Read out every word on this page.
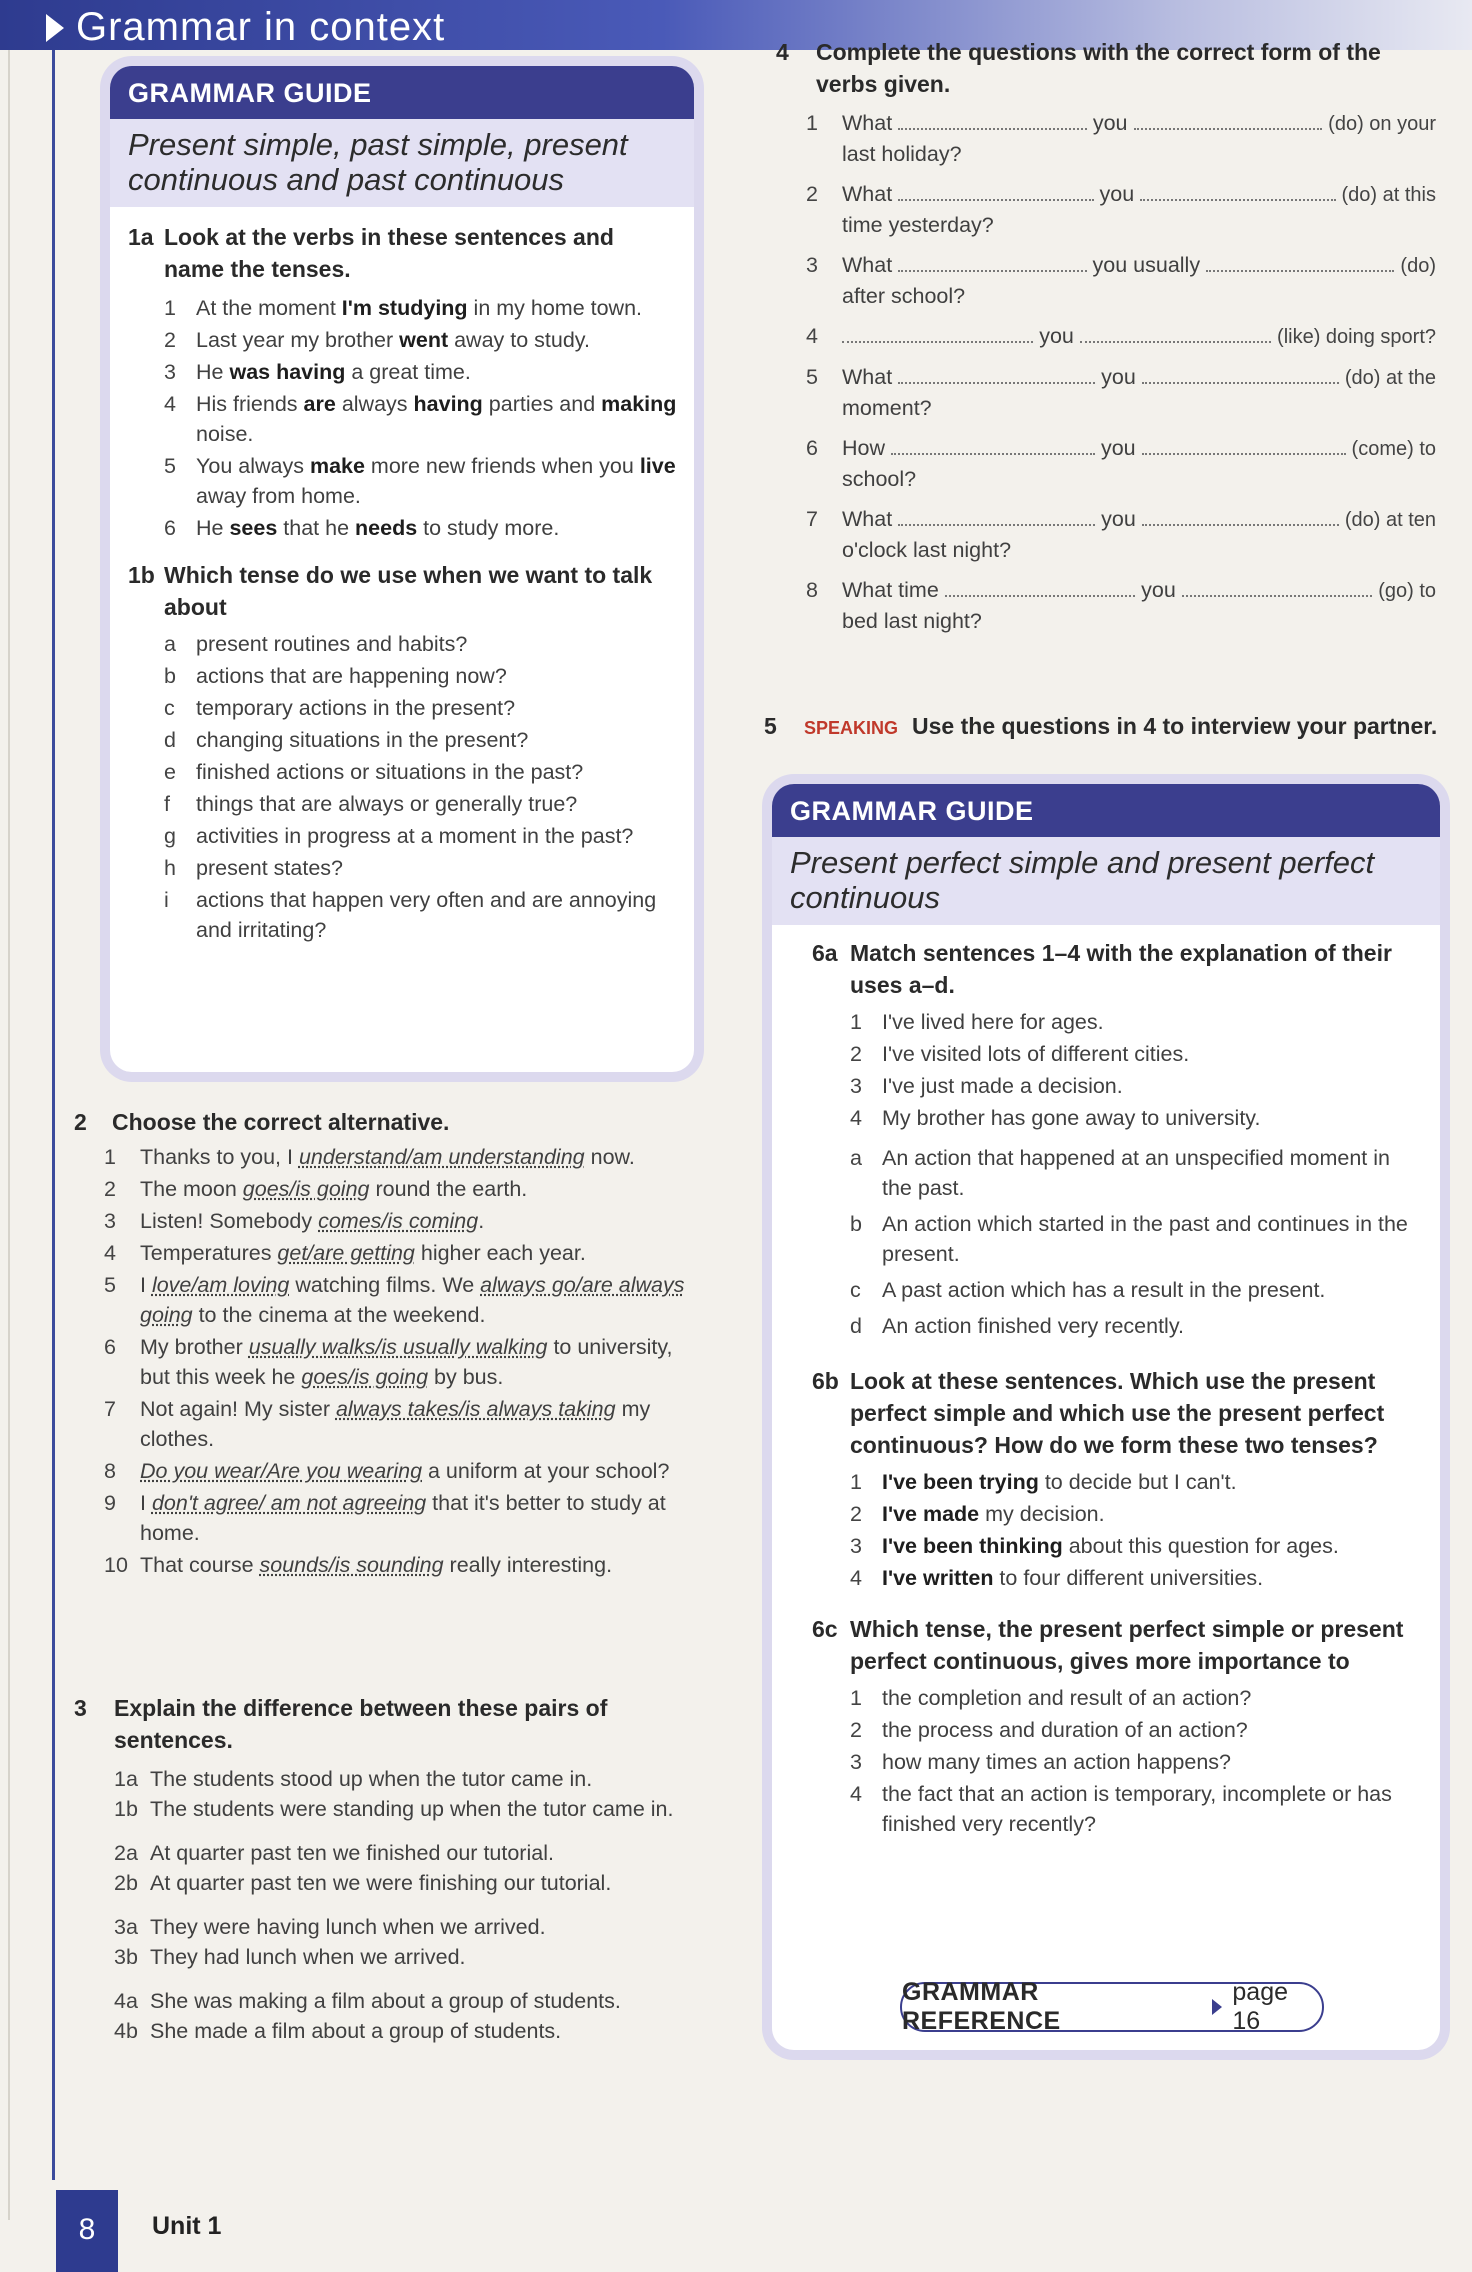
Grammar in context
GRAMMAR GUIDE
Present simple, past simple, present continuous and past continuous
1a Look at the verbs in these sentences and name the tenses.
1 At the moment I'm studying in my home town.
2 Last year my brother went away to study.
3 He was having a great time.
4 His friends are always having parties and making noise.
5 You always make more new friends when you live away from home.
6 He sees that he needs to study more.
1b Which tense do we use when we want to talk about
a present routines and habits?
b actions that are happening now?
c temporary actions in the present?
d changing situations in the present?
e finished actions or situations in the past?
f	things that are always or generally true?
g activities in progress at a moment in the past?
h present states?
i	actions that happen very often and are annoying and irritating?
2	Choose the correct alternative.
1	Thanks to you, I understand/am understanding now.
2	The moon goes/is going round the earth.
3	Listen! Somebody comes/is coming.
4	Temperatures get/are getting higher each year.
5	I love/am loving watching films. We always go/are always going to the cinema at the weekend.
6	My brother usually walks/is usually walking to university, but this week he goes/is going by bus.
7	Not again! My sister always takes/is always taking my clothes.
8	Do you wear/Are you wearing a uniform at your school?
9	I don't agree/ am not agreeing that it's better to study at home.
10 That course sounds/is sounding really interesting.
3	Explain the difference between these pairs of sentences.
1a The students stood up when the tutor came in.
1b The students were standing up when the tutor came in.
2a At quarter past ten we finished our tutorial.
2b At quarter past ten we were finishing our tutorial.
3a They were having lunch when we arrived.
3b They had lunch when we arrived.
4a She was making a film about a group of students.
4b She made a film about a group of students.
4	Complete the questions with the correct form of the verbs given.
1	What	you	(do) on your
last holiday?
2	What	you	(do) at this
time yesterday?
3	What	you usually	(do)
after school?
4	you	(like) doing sport?
5	What	you	(do) at the
moment?
6	How	you	(come) to
school?
7	What	you	(do) at ten
o'clock last night?
8	What time	you	(go) to
bed last night?
5	SPEAKING Use the questions in 4 to interview your partner.
GRAMMAR GUIDE
Present perfect simple and present perfect continuous
6a Match sentences 1–4 with the explanation of their uses a–d.
1 I've lived here for ages.
2 I've visited lots of different cities.
3 I've just made a decision.
4 My brother has gone away to university.
a An action that happened at an unspecified moment in the past.
b An action which started in the past and continues in the present.
c A past action which has a result in the present.
d An action finished very recently.
6b Look at these sentences. Which use the present perfect simple and which use the present perfect continuous? How do we form these two tenses?
1 I've been trying to decide but I can't.
2 I've made my decision.
3 I've been thinking about this question for ages.
4 I've written to four different universities.
6c Which tense, the present perfect simple or present perfect continuous, gives more importance to
1 the completion and result of an action?
2 the process and duration of an action?
3 how many times an action happens?
4 the fact that an action is temporary, incomplete or has finished very recently?
GRAMMAR REFERENCE
page 16
8	Unit 1
